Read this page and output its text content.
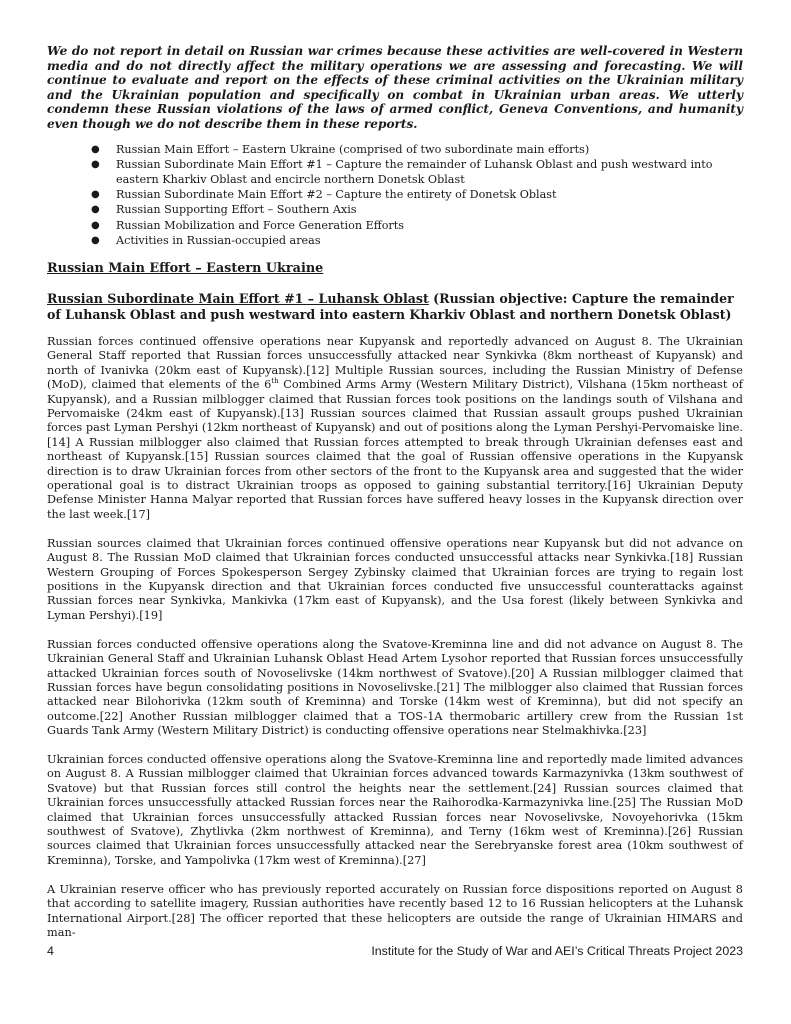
We do not report in detail on Russian war crimes because these activities are well-covered in Western media and do not directly affect the military operations we are assessing and forecasting. We will continue to evaluate and report on the effects of these criminal activities on the Ukrainian military and the Ukrainian population and specifically on combat in Ukrainian urban areas. We utterly condemn these Russian violations of the laws of armed conflict, Geneva Conventions, and humanity even though we do not describe them in these reports.

● Russian Main Effort – Eastern Ukraine (comprised of two subordinate main efforts)
● Russian Subordinate Main Effort #1 – Capture the remainder of Luhansk Oblast and push westward into eastern Kharkiv Oblast and encircle northern Donetsk Oblast
● Russian Subordinate Main Effort #2 – Capture the entirety of Donetsk Oblast
● Russian Supporting Effort – Southern Axis
● Russian Mobilization and Force Generation Efforts
● Activities in Russian-occupied areas
Russian Main Effort – Eastern Ukraine
Russian Subordinate Main Effort #1 – Luhansk Oblast (Russian objective: Capture the remainder of Luhansk Oblast and push westward into eastern Kharkiv Oblast and northern Donetsk Oblast)

Russian forces continued offensive operations near Kupyansk and reportedly advanced on August 8. The Ukrainian General Staff reported that Russian forces unsuccessfully attacked near Synkivka (8km northeast of Kupyansk) and north of Ivanivka (20km east of Kupyansk).[12] Multiple Russian sources, including the Russian Ministry of Defense (MoD), claimed that elements of the 6th Combined Arms Army (Western Military District), Vilshana (15km northeast of Kupyansk), and a Russian milblogger claimed that Russian forces took positions on the landings south of Vilshana and Pervomaiske (24km east of Kupyansk).[13] Russian sources claimed that Russian assault groups pushed Ukrainian forces past Lyman Pershyi (12km northeast of Kupyansk) and out of positions along the Lyman Pershyi-Pervomaiske line.[14] A Russian milblogger also claimed that Russian forces attempted to break through Ukrainian defenses east and northeast of Kupyansk.[15] Russian sources claimed that the goal of Russian offensive operations in the Kupyansk direction is to draw Ukrainian forces from other sectors of the front to the Kupyansk area and suggested that the wider operational goal is to distract Ukrainian troops as opposed to gaining substantial territory.[16] Ukrainian Deputy Defense Minister Hanna Malyar reported that Russian forces have suffered heavy losses in the Kupyansk direction over the last week.[17]

Russian sources claimed that Ukrainian forces continued offensive operations near Kupyansk but did not advance on August 8. The Russian MoD claimed that Ukrainian forces conducted unsuccessful attacks near Synkivka.[18] Russian Western Grouping of Forces Spokesperson Sergey Zybinsky claimed that Ukrainian forces are trying to regain lost positions in the Kupyansk direction and that Ukrainian forces conducted five unsuccessful counterattacks against Russian forces near Synkivka, Mankivka (17km east of Kupyansk), and the Usa forest (likely between Synkivka and Lyman Pershyi).[19]

Russian forces conducted offensive operations along the Svatove-Kreminna line and did not advance on August 8. The Ukrainian General Staff and Ukrainian Luhansk Oblast Head Artem Lysohor reported that Russian forces unsuccessfully attacked Ukrainian forces south of Novoselivske (14km northwest of Svatove).[20] A Russian milblogger claimed that Russian forces have begun consolidating positions in Novoselivske.[21] The milblogger also claimed that Russian forces attacked near Bilohorivka (12km south of Kreminna) and Torske (14km west of Kreminna), but did not specify an outcome.[22] Another Russian milblogger claimed that a TOS-1A thermobaric artillery crew from the Russian 1st Guards Tank Army (Western Military District) is conducting offensive operations near Stelmakhivka.[23]

Ukrainian forces conducted offensive operations along the Svatove-Kreminna line and reportedly made limited advances on August 8. A Russian milblogger claimed that Ukrainian forces advanced towards Karmazynivka (13km southwest of Svatove) but that Russian forces still control the heights near the settlement.[24] Russian sources claimed that Ukrainian forces unsuccessfully attacked Russian forces near the Raihorodka-Karmazynivka line.[25] The Russian MoD claimed that Ukrainian forces unsuccessfully attacked Russian forces near Novoselivske, Novoyehorivka (15km southwest of Svatove), Zhytlivka (2km northwest of Kreminna), and Terny (16km west of Kreminna).[26] Russian sources claimed that Ukrainian forces unsuccessfully attacked near the Serebryanske forest area (10km southwest of Kreminna), Torske, and Yampolivka (17km west of Kreminna).[27]

A Ukrainian reserve officer who has previously reported accurately on Russian force dispositions reported on August 8 that according to satellite imagery, Russian authorities have recently based 12 to 16 Russian helicopters at the Luhansk International Airport.[28] The officer reported that these helicopters are outside the range of Ukrainian HIMARS and man-

4	Institute for the Study of War and AEI’s Critical Threats Project 2023
